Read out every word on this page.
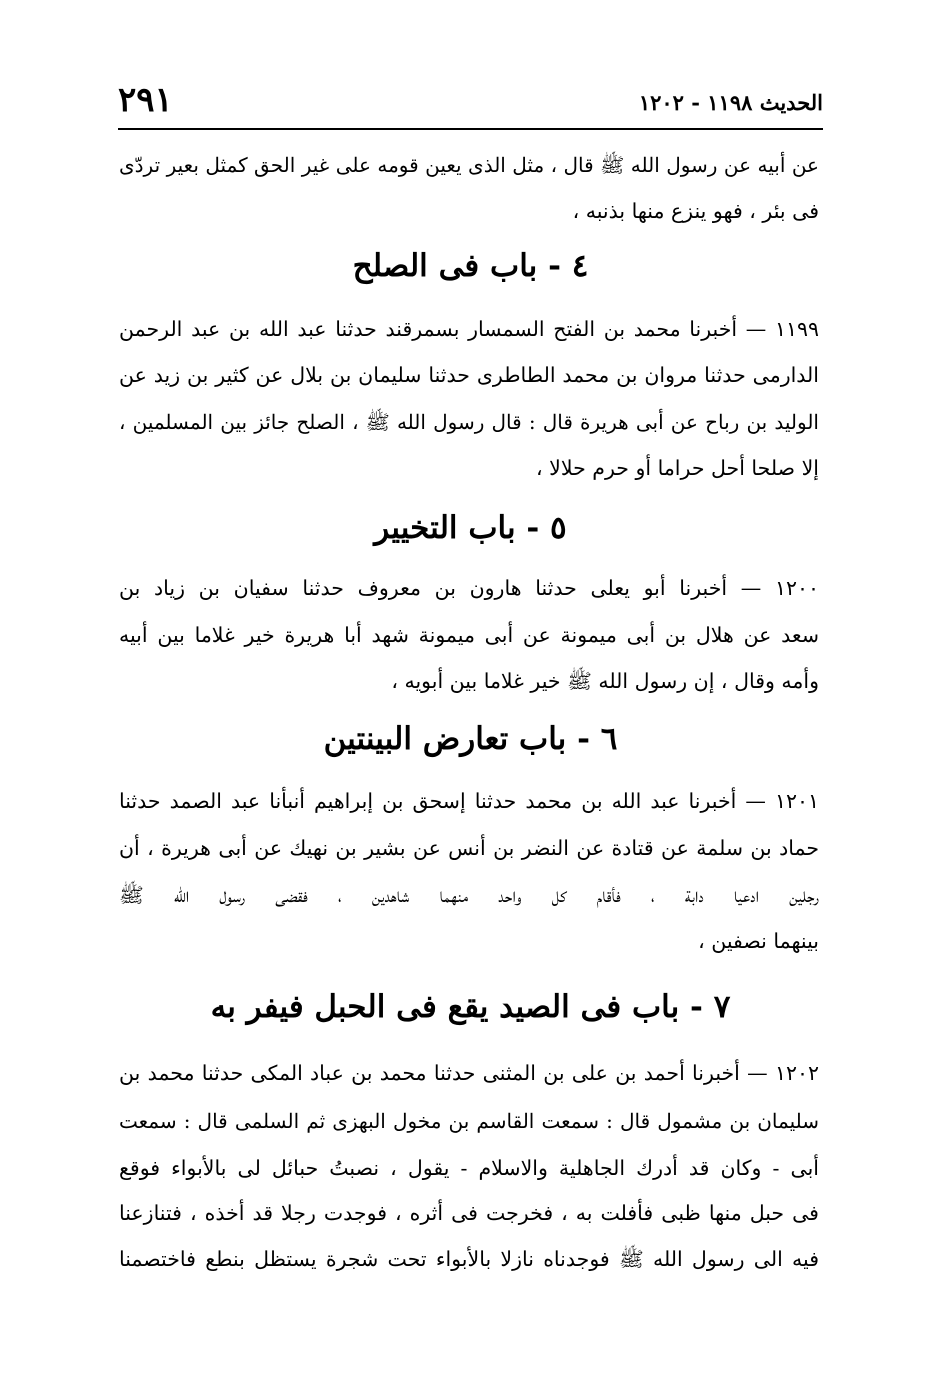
الحديث ١١٩٨ - ١٢٠٢
٢٩١
عن أبيه عن رسول الله ﷺ قال ، مثل الذى يعين قومه على غير الحق كمثل بعير تردّى
فى بئر ، فهو ينزع منها بذنبه ،
٤ - باب فى الصلح
١١٩٩ — أخبرنا محمد بن الفتح السمسار بسمرقند حدثنا عبد الله بن عبد الرحمن
الدارمى حدثنا مروان بن محمد الطاطرى حدثنا سليمان بن بلال عن كثير بن زيد عن
الوليد بن رباح عن أبى هريرة قال : قال رسول الله ﷺ ، الصلح جائز بين المسلمين ،
إلا صلحا أحل حراما أو حرم حلالا ،
٥ - باب التخيير
١٢٠٠ — أخبرنا أبو يعلى حدثنا هارون بن معروف حدثنا سفيان بن زياد بن
سعد عن هلال بن أبى ميمونة عن أبى ميمونة شهد أبا هريرة خير غلاما بين أبيه
وأمه وقال ، إن رسول الله ﷺ خير غلاما بين أبويه ،
٦ - باب تعارض البينتين
١٢٠١ — أخبرنا عبد الله بن محمد حدثنا إسحق بن إبراهيم أنبأنا عبد الصمد حدثنا
حماد بن سلمة عن قتادة عن النضر بن أنس عن بشير بن نهيك عن أبى هريرة ، أن
رجلين ادعيا دابة ، فأقام كل واحد منهما شاهدين ، فقضى رسول الله ﷺ
بينهما نصفين ،
٧ - باب فى الصيد يقع فى الحبل فيفر به
١٢٠٢ — أخبرنا أحمد بن على بن المثنى حدثنا محمد بن عباد المكى حدثنا محمد بن
سليمان بن مشمول قال : سمعت القاسم بن مخول البهزى ثم السلمى قال : سمعت
أبى - وكان قد أدرك الجاهلية والاسلام - يقول ، نصبتُ حبائل لى بالأبواء فوقع
فى حبل منها ظبى فأفلت به ، فخرجت فى أثره ، فوجدت رجلا قد أخذه ، فتنازعنا
فيه الى رسول الله ﷺ فوجدناه نازلا بالأبواء تحت شجرة يستظل بنطع فاختصمنا
